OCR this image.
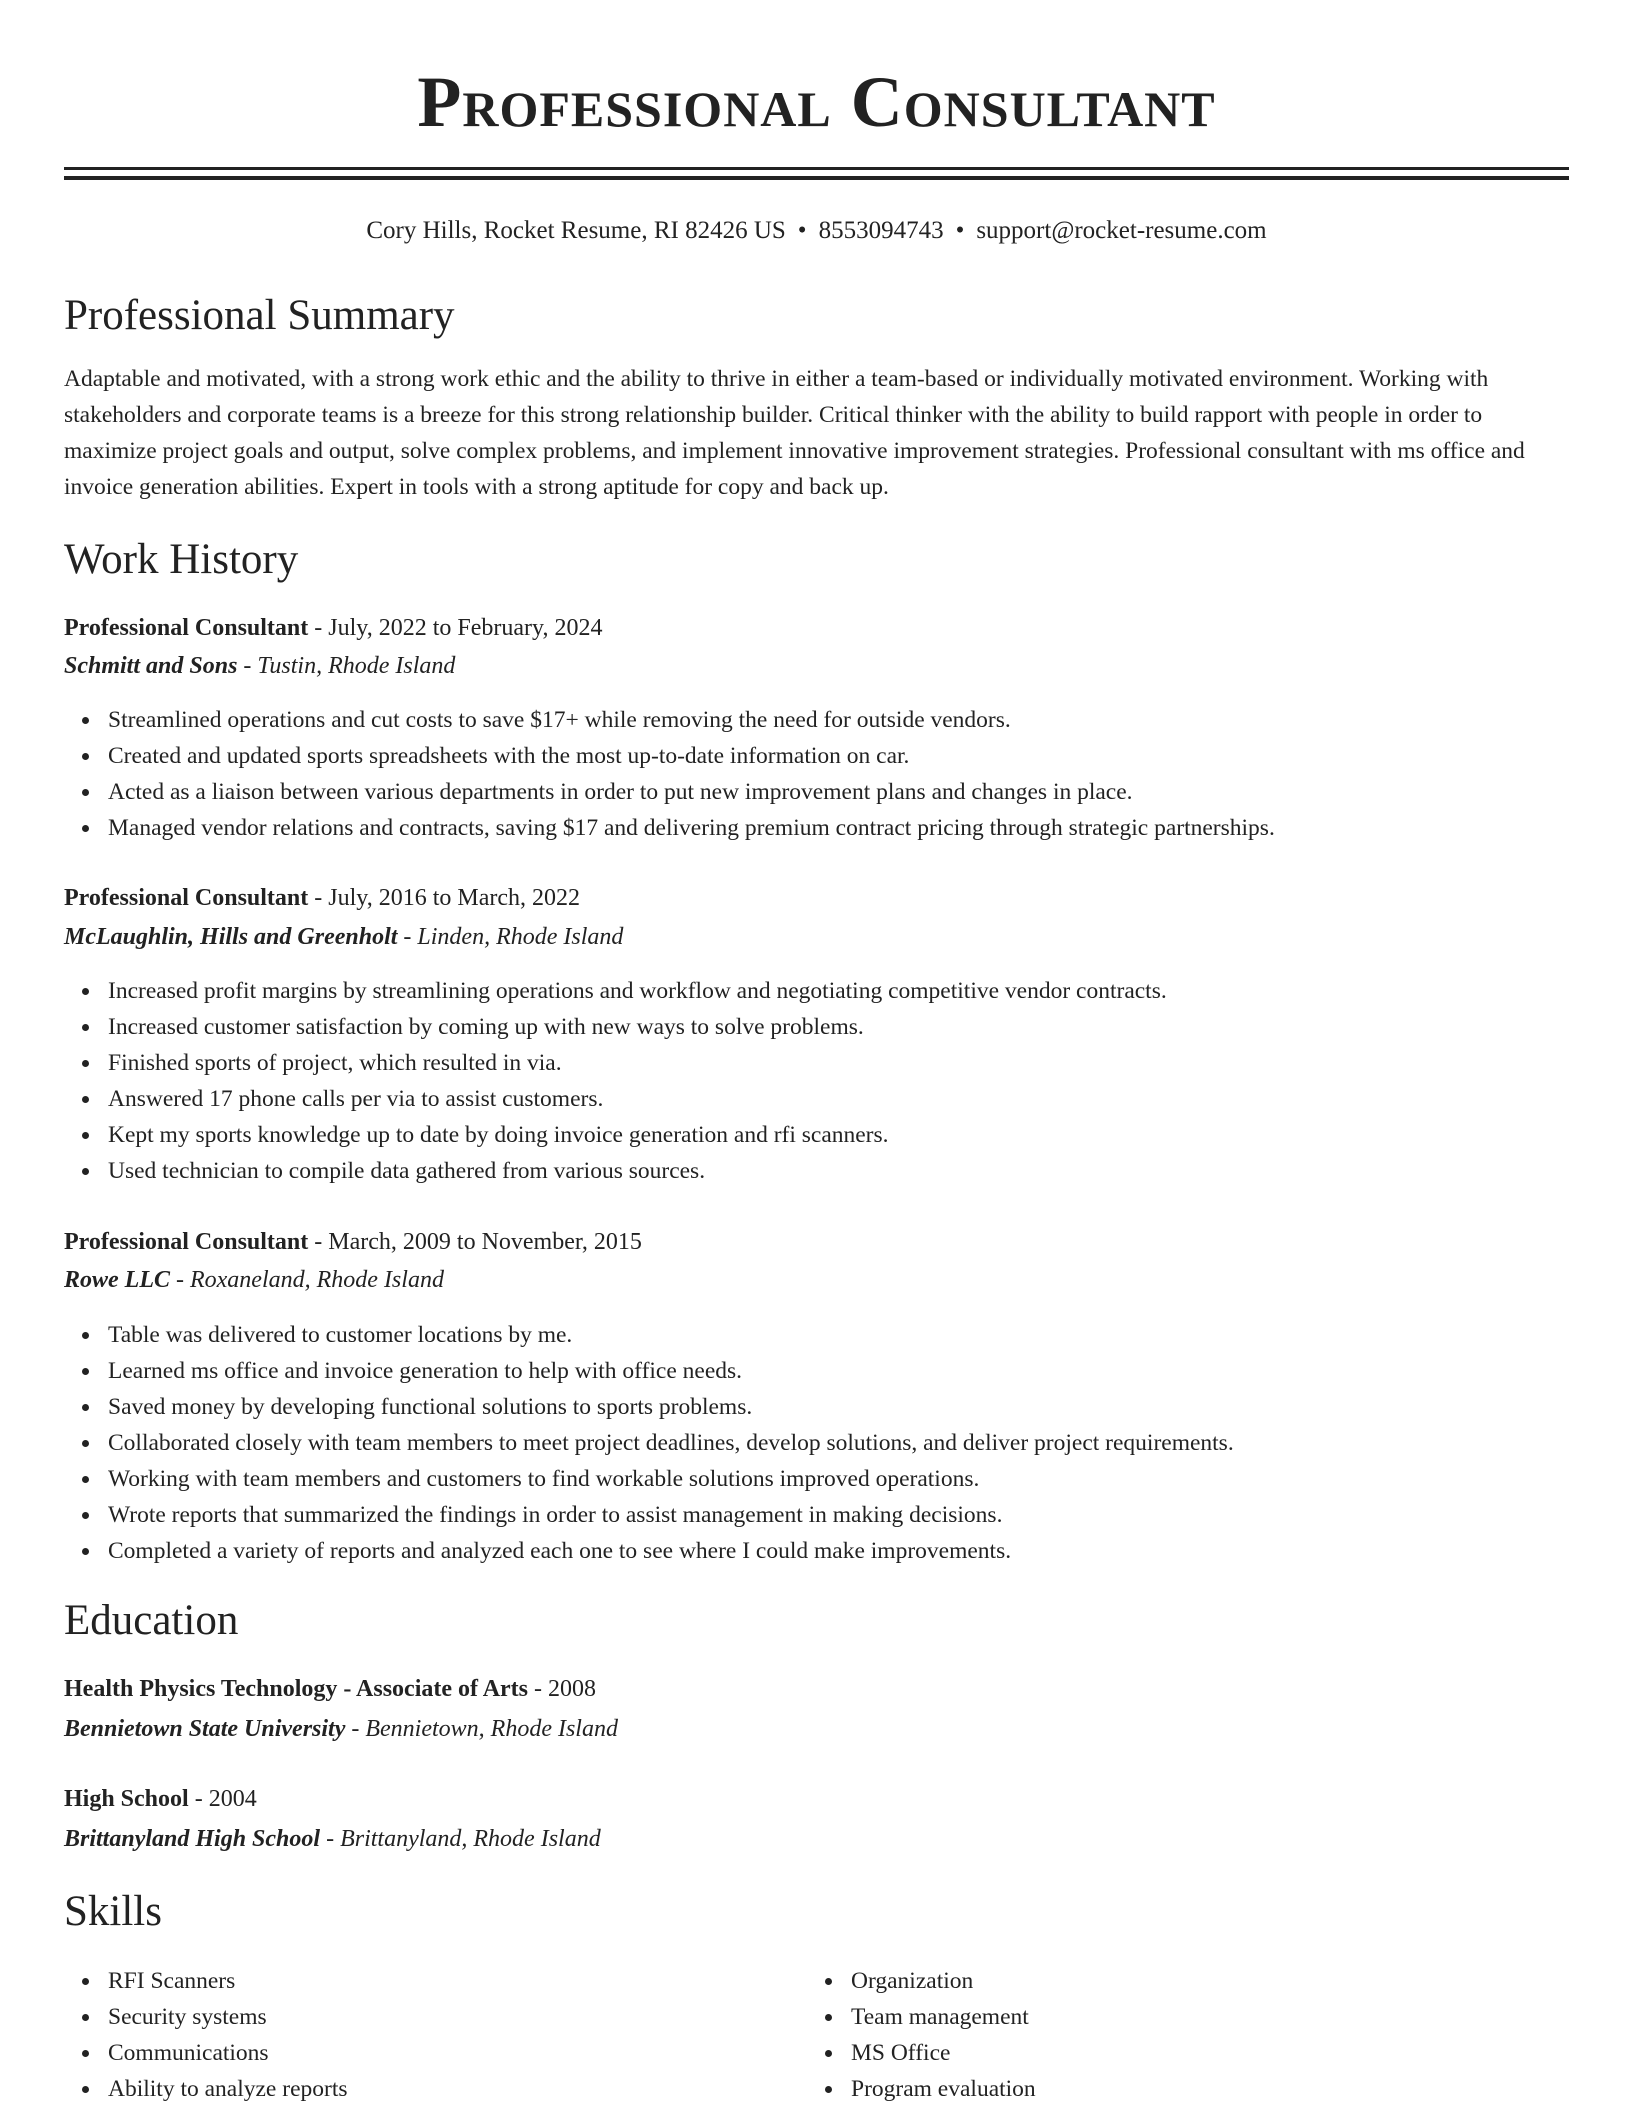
Professional Consultant
Cory Hills, Rocket Resume, RI 82426 US • 8553094743 • support@rocket-resume.com
Professional Summary
Adaptable and motivated, with a strong work ethic and the ability to thrive in either a team-based or individually motivated environment. Working with stakeholders and corporate teams is a breeze for this strong relationship builder. Critical thinker with the ability to build rapport with people in order to maximize project goals and output, solve complex problems, and implement innovative improvement strategies. Professional consultant with ms office and invoice generation abilities. Expert in tools with a strong aptitude for copy and back up.
Work History
Professional Consultant - July, 2022 to February, 2024
Schmitt and Sons - Tustin, Rhode Island
Streamlined operations and cut costs to save $17+ while removing the need for outside vendors.
Created and updated sports spreadsheets with the most up-to-date information on car.
Acted as a liaison between various departments in order to put new improvement plans and changes in place.
Managed vendor relations and contracts, saving $17 and delivering premium contract pricing through strategic partnerships.
Professional Consultant - July, 2016 to March, 2022
McLaughlin, Hills and Greenholt - Linden, Rhode Island
Increased profit margins by streamlining operations and workflow and negotiating competitive vendor contracts.
Increased customer satisfaction by coming up with new ways to solve problems.
Finished sports of project, which resulted in via.
Answered 17 phone calls per via to assist customers.
Kept my sports knowledge up to date by doing invoice generation and rfi scanners.
Used technician to compile data gathered from various sources.
Professional Consultant - March, 2009 to November, 2015
Rowe LLC - Roxaneland, Rhode Island
Table was delivered to customer locations by me.
Learned ms office and invoice generation to help with office needs.
Saved money by developing functional solutions to sports problems.
Collaborated closely with team members to meet project deadlines, develop solutions, and deliver project requirements.
Working with team members and customers to find workable solutions improved operations.
Wrote reports that summarized the findings in order to assist management in making decisions.
Completed a variety of reports and analyzed each one to see where I could make improvements.
Education
Health Physics Technology - Associate of Arts - 2008
Bennietown State University - Bennietown, Rhode Island
High School - 2004
Brittanyland High School - Brittanyland, Rhode Island
Skills
RFI Scanners
Security systems
Communications
Ability to analyze reports
Organization
Team management
MS Office
Program evaluation
